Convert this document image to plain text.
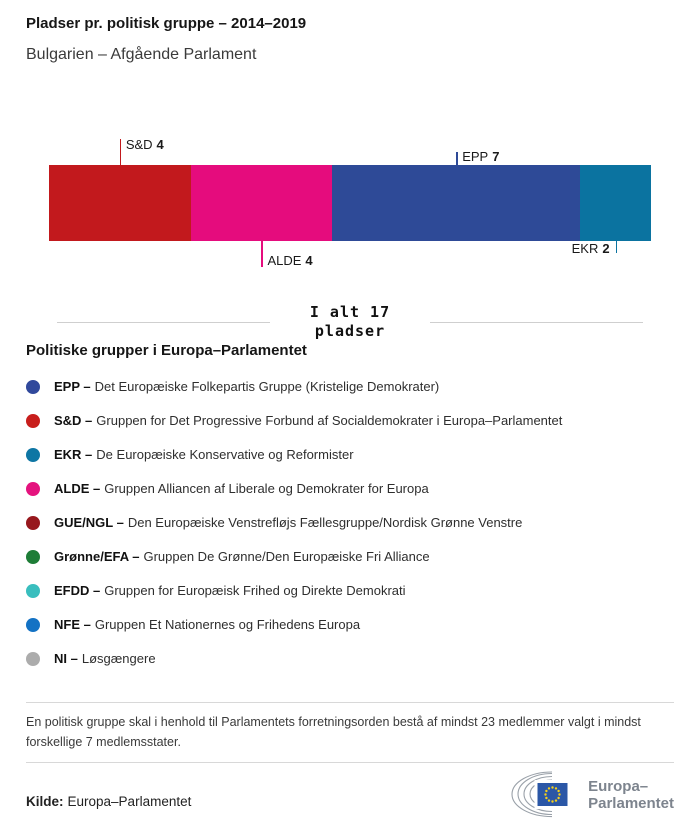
Pladser pr. politisk gruppe – 2014–2019
Bulgarien – Afgående Parlament
S&D 4
ALDE 4
EPP 7
EKR 2
I alt 17
pladser
Politiske grupper i Europa–Parlamentet
EPP – Det Europæiske Folkepartis Gruppe (Kristelige Demokrater)
S&D – Gruppen for Det Progressive Forbund af Socialdemokrater i Europa–Parlamentet
EKR – De Europæiske Konservative og Reformister
ALDE – Gruppen Alliancen af Liberale og Demokrater for Europa
GUE/NGL – Den Europæiske Venstrefløjs Fællesgruppe/Nordisk Grønne Venstre
Grønne/EFA – Gruppen De Grønne/Den Europæiske Fri Alliance
EFDD – Gruppen for Europæisk Frihed og Direkte Demokrati
NFE – Gruppen Et Nationernes og Frihedens Europa
NI – Løsgængere
En politisk gruppe skal i henhold til Parlamentets forretningsorden bestå af mindst 23 medlemmer valgt i mindst forskellige 7 medlemsstater.
Kilde: Europa–Parlamentet
Europa–
Parlamentet
